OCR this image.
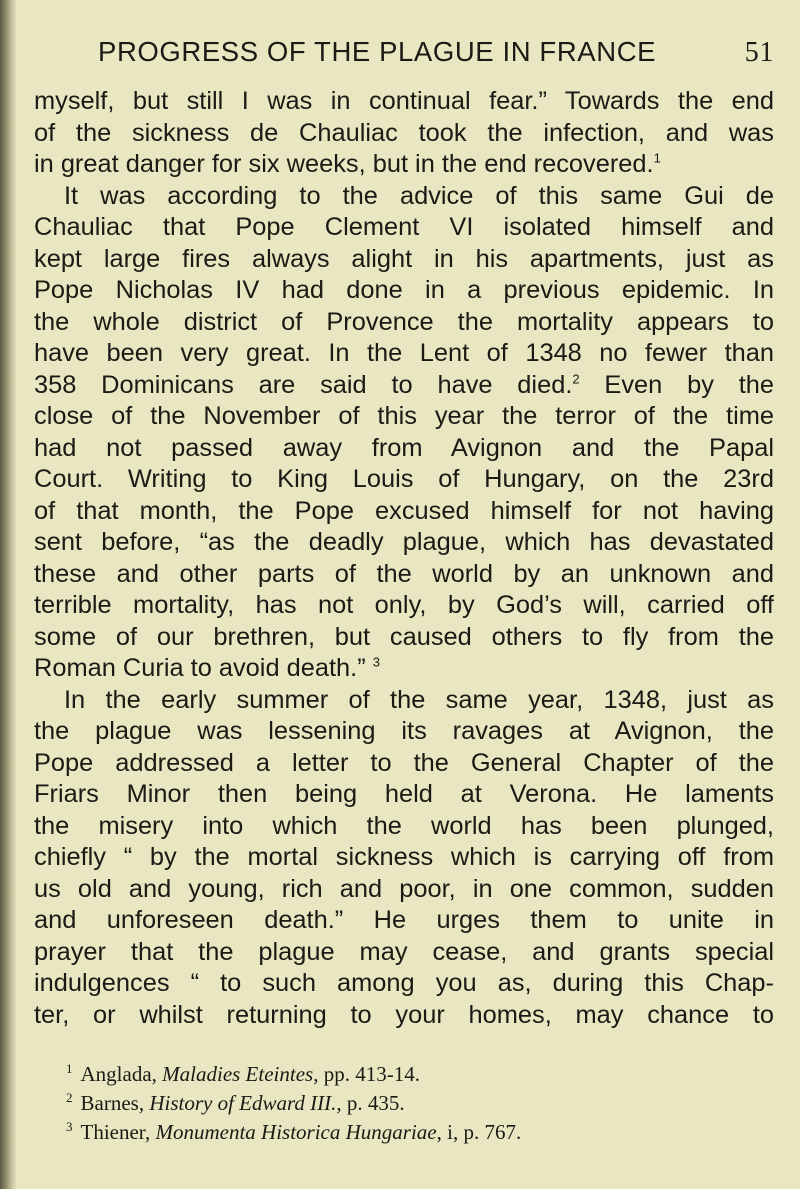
PROGRESS OF THE PLAGUE IN FRANCE	51
myself, but still I was in continual fear.” Towards the end
of the sickness de Chauliac took the infection, and was
in great danger for six weeks, but in the end recovered.$^1$
It was according to the advice of this same Gui de
Chauliac that Pope Clement VI isolated himself and
kept large fires always alight in his apartments, just as
Pope Nicholas IV had done in a previous epidemic. In
the whole district of Provence the mortality appears to
have been very great. In the Lent of 1348 no fewer than
358 Dominicans are said to have died.$^2$ Even by the
close of the November of this year the terror of the time
had not passed away from Avignon and the Papal
Court. Writing to King Louis of Hungary, on the 23rd
of that month, the Pope excused himself for not having
sent before, “as the deadly plague, which has devastated
these and other parts of the world by an unknown and
terrible mortality, has not only, by God’s will, carried off
some of our brethren, but caused others to fly from the
Roman Curia to avoid death.” $^3$
In the early summer of the same year, 1348, just as
the plague was lessening its ravages at Avignon, the
Pope addressed a letter to the General Chapter of the
Friars Minor then being held at Verona. He laments
the misery into which the world has been plunged,
chiefly “ by the mortal sickness which is carrying off from
us old and young, rich and poor, in one common, sudden
and unforeseen death.” He urges them to unite in
prayer that the plague may cease, and grants special
indulgences “ to such among you as, during this Chap-
ter, or whilst returning to your homes, may chance to
$^1$ Anglada, Maladies Eteintes, pp. 413-14.
$^2$ Barnes, History of Edward III., p. 435.
$^3$ Thiener, Monumenta Historica Hungariae, i, p. 767.
